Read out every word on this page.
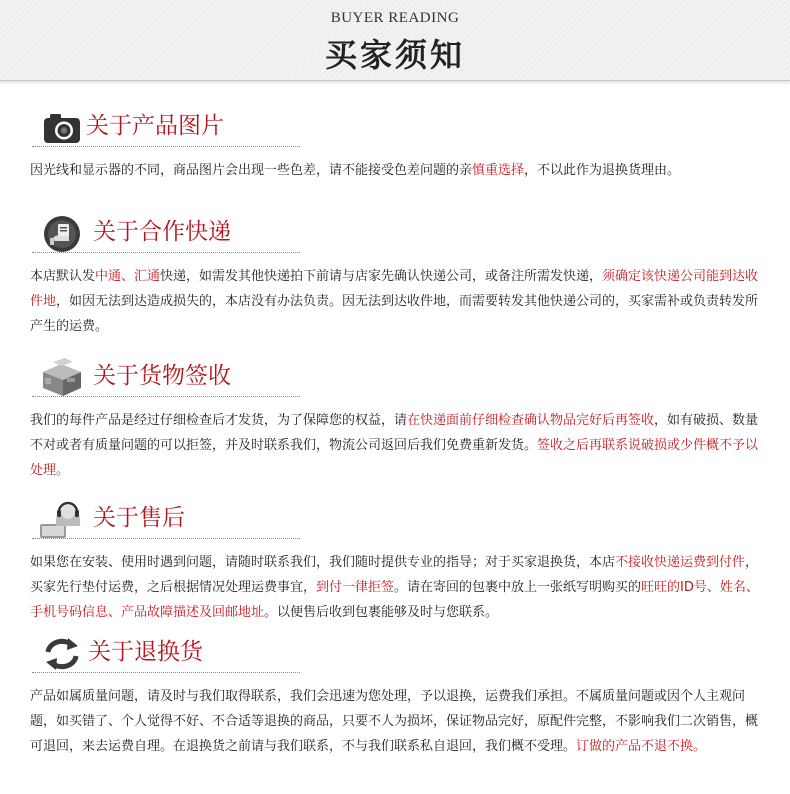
BUYER READING
买家须知
关于产品图片
因光线和显示器的不同，商品图片会出现一些色差，请不能接受色差问题的亲慎重选择，不以此作为退换货理由。
关于合作快递
本店默认发中通、汇通快递，如需发其他快递拍下前请与店家先确认快递公司，或备注所需发快递，须确定该快递公司能到达收件地，如因无法到达造成损失的，本店没有办法负责。因无法到达收件地，而需要转发其他快递公司的，买家需补或负责转发所产生的运费。
关于货物签收
我们的每件产品是经过仔细检查后才发货，为了保障您的权益，请在快递面前仔细检查确认物品完好后再签收，如有破损、数量不对或者有质量问题的可以拒签，并及时联系我们，物流公司返回后我们免费重新发货。签收之后再联系说破损或少件概不予以处理。
关于售后
如果您在安装、使用时遇到问题，请随时联系我们，我们随时提供专业的指导；对于买家退换货，本店不接收快递运费到付件，买家先行垫付运费，之后根据情况处理运费事宜，到付一律拒签。请在寄回的包裹中放上一张纸写明购买的旺旺的ID号、姓名、手机号码信息、产品故障描述及回邮地址。以便售后收到包裹能够及时与您联系。
关于退换货
产品如属质量问题，请及时与我们取得联系，我们会迅速为您处理，予以退换，运费我们承担。不属质量问题或因个人主观问题，如买错了、个人觉得不好、不合适等退换的商品，只要不人为损坏，保证物品完好，原配件完整，不影响我们二次销售，概可退回，来去运费自理。在退换货之前请与我们联系，不与我们联系私自退回，我们概不受理。订做的产品不退不换。
